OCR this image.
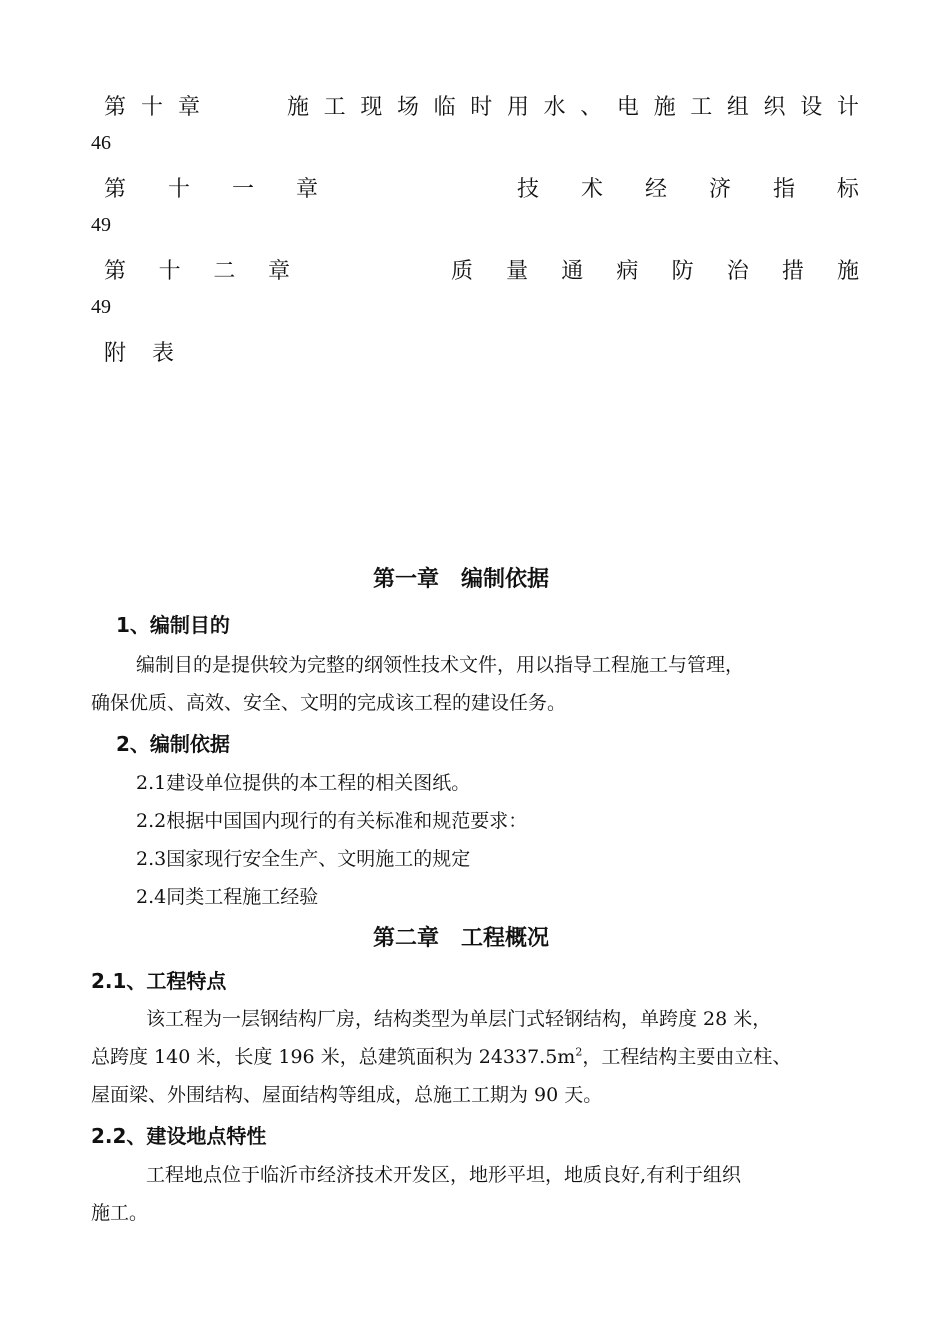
第 十 章	施 工 现 场 临 时 用 水 、 电 施 工 组 织 设 计
46
第 十 一 章	技 术 经 济 指 标
49
第 十 二 章	质 量 通 病 防 治 措 施
49
附 表
第一章　编制依据
1、编制目的
编制目的是提供较为完整的纲领性技术文件，用以指导工程施工与管理，
确保优质、高效、安全、文明的完成该工程的建设任务。
2、编制依据
2.1建设单位提供的本工程的相关图纸。
2.2根据中国国内现行的有关标准和规范要求：
2.3国家现行安全生产、文明施工的规定
2.4同类工程施工经验
第二章　工程概况
2.1、工程特点
该工程为一层钢结构厂房，结构类型为单层门式轻钢结构，单跨度 28 米，
总跨度 140 米，长度 196 米，总建筑面积为 $24337.5m^2$，工程结构主要由立柱、
屋面梁、外围结构、屋面结构等组成，总施工工期为 90 天。
2.2、建设地点特性
工程地点位于临沂市经济技术开发区，地形平坦，地质良好,有利于组织
施工。
